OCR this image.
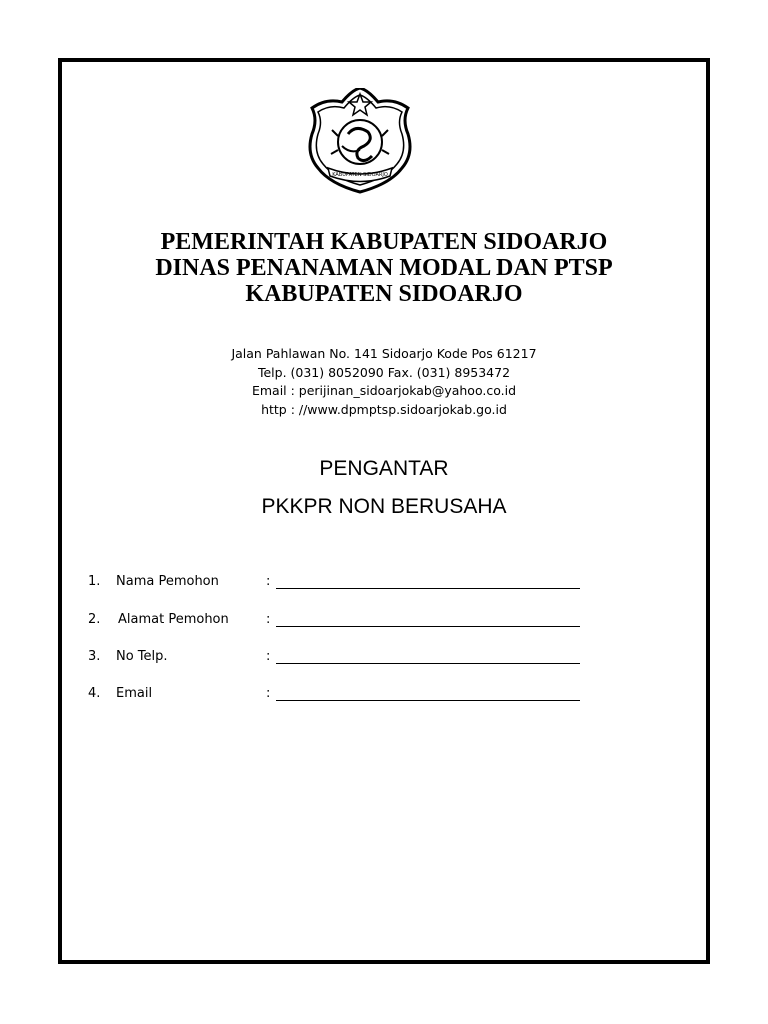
KABUPATEN SIDOARJO
PEMERINTAH KABUPATEN SIDOARJO
DINAS PENANAMAN MODAL DAN PTSP
KABUPATEN SIDOARJO
Jalan Pahlawan No. 141 Sidoarjo Kode Pos 61217
Telp. (031) 8052090 Fax. (031) 8953472
Email : perijinan_sidoarjokab@yahoo.co.id
http : //www.dpmptsp.sidoarjokab.go.id
PENGANTAR
PKKPR NON BERUSAHA
1. Nama Pemohon	:
2. Alamat Pemohon	:
3. No Telp.	:
4. Email	:
